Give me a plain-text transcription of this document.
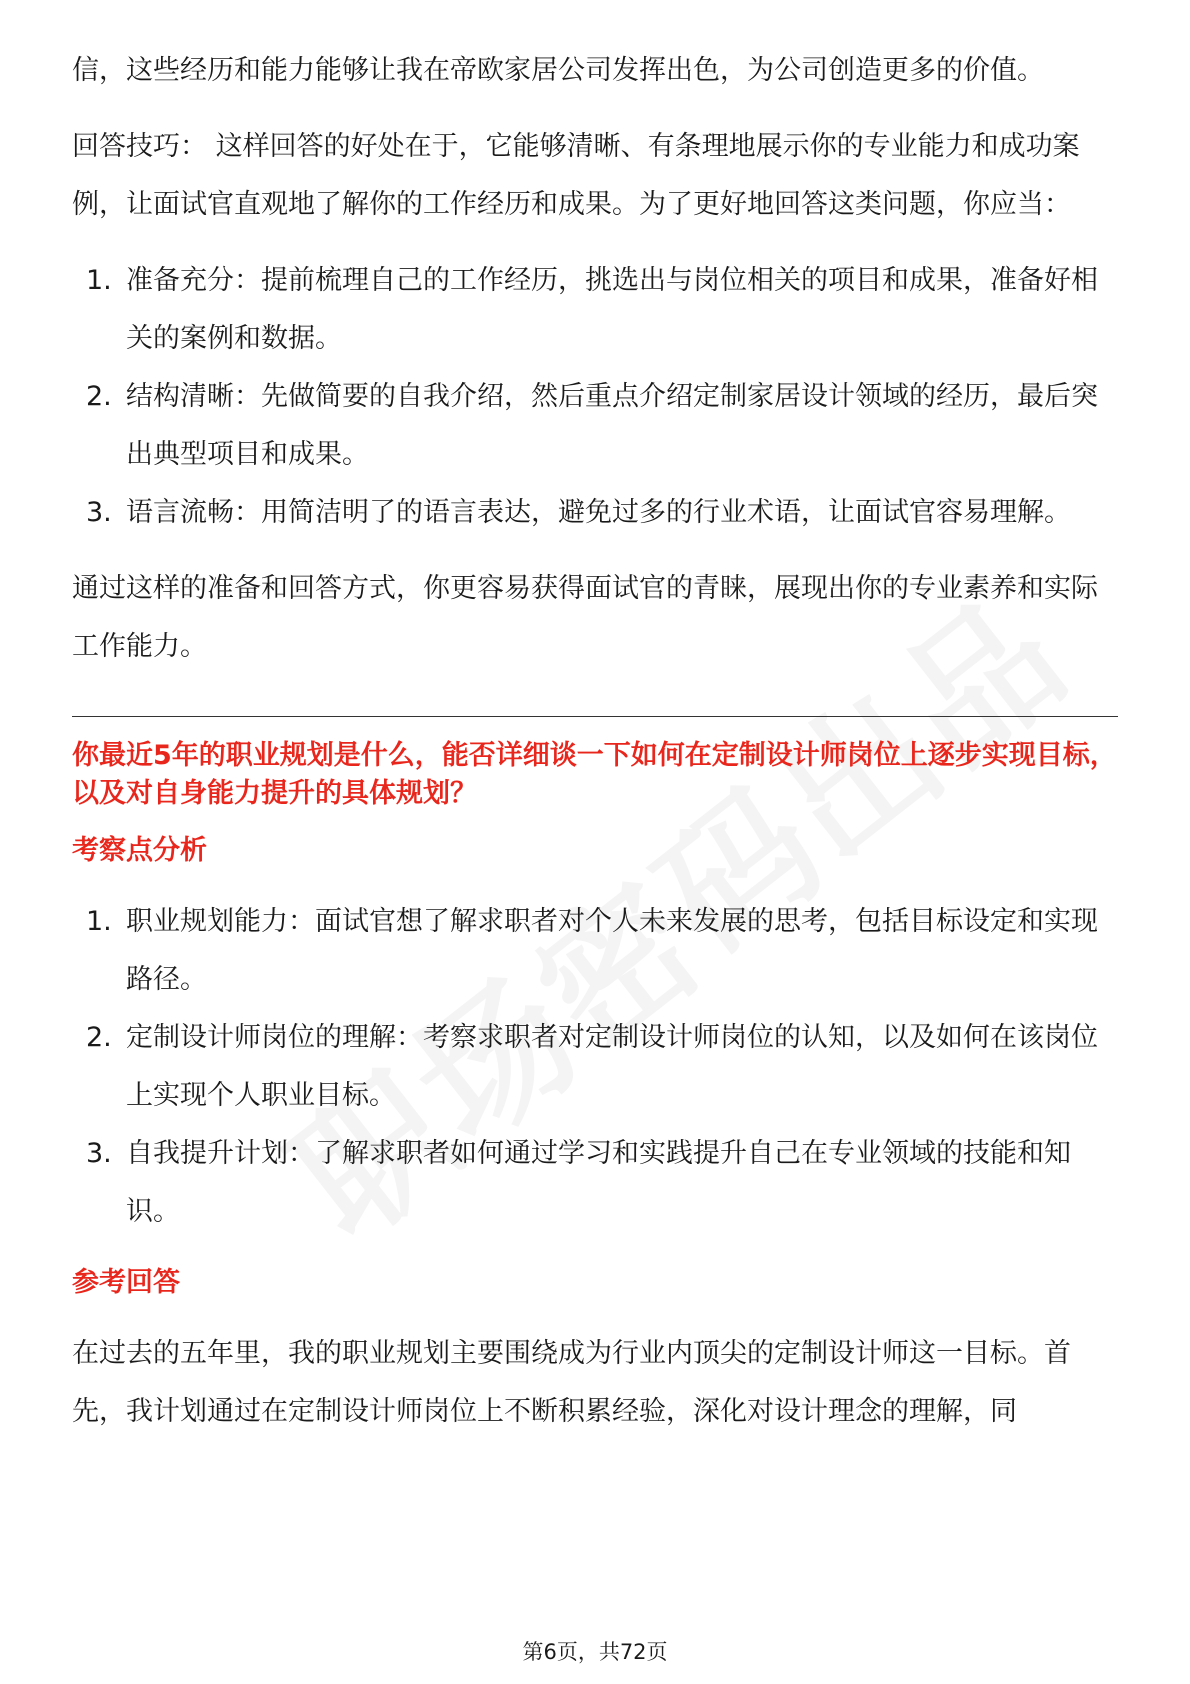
信，这些经历和能力能够让我在帝欧家居公司发挥出色，为公司创造更多的价值。

回答技巧： 这样回答的好处在于，它能够清晰、有条理地展示你的专业能力和成功案例，让面试官直观地了解你的工作经历和成果。为了更好地回答这类问题，你应当：

1. 准备充分：提前梳理自己的工作经历，挑选出与岗位相关的项目和成果，准备好相关的案例和数据。
2. 结构清晰：先做简要的自我介绍，然后重点介绍定制家居设计领域的经历，最后突出典型项目和成果。
3. 语言流畅：用简洁明了的语言表达，避免过多的行业术语，让面试官容易理解。

通过这样的准备和回答方式，你更容易获得面试官的青睐，展现出你的专业素养和实际工作能力。

你最近5年的职业规划是什么，能否详细谈一下如何在定制设计师岗位上逐步实现目标，以及对自身能力提升的具体规划？

考察点分析

1. 职业规划能力：面试官想了解求职者对个人未来发展的思考，包括目标设定和实现路径。
2. 定制设计师岗位的理解：考察求职者对定制设计师岗位的认知，以及如何在该岗位上实现个人职业目标。
3. 自我提升计划：了解求职者如何通过学习和实践提升自己在专业领域的技能和知识。

参考回答

在过去的五年里，我的职业规划主要围绕成为行业内顶尖的定制设计师这一目标。首先，我计划通过在定制设计师岗位上不断积累经验，深化对设计理念的理解，同

第6页，共72页
